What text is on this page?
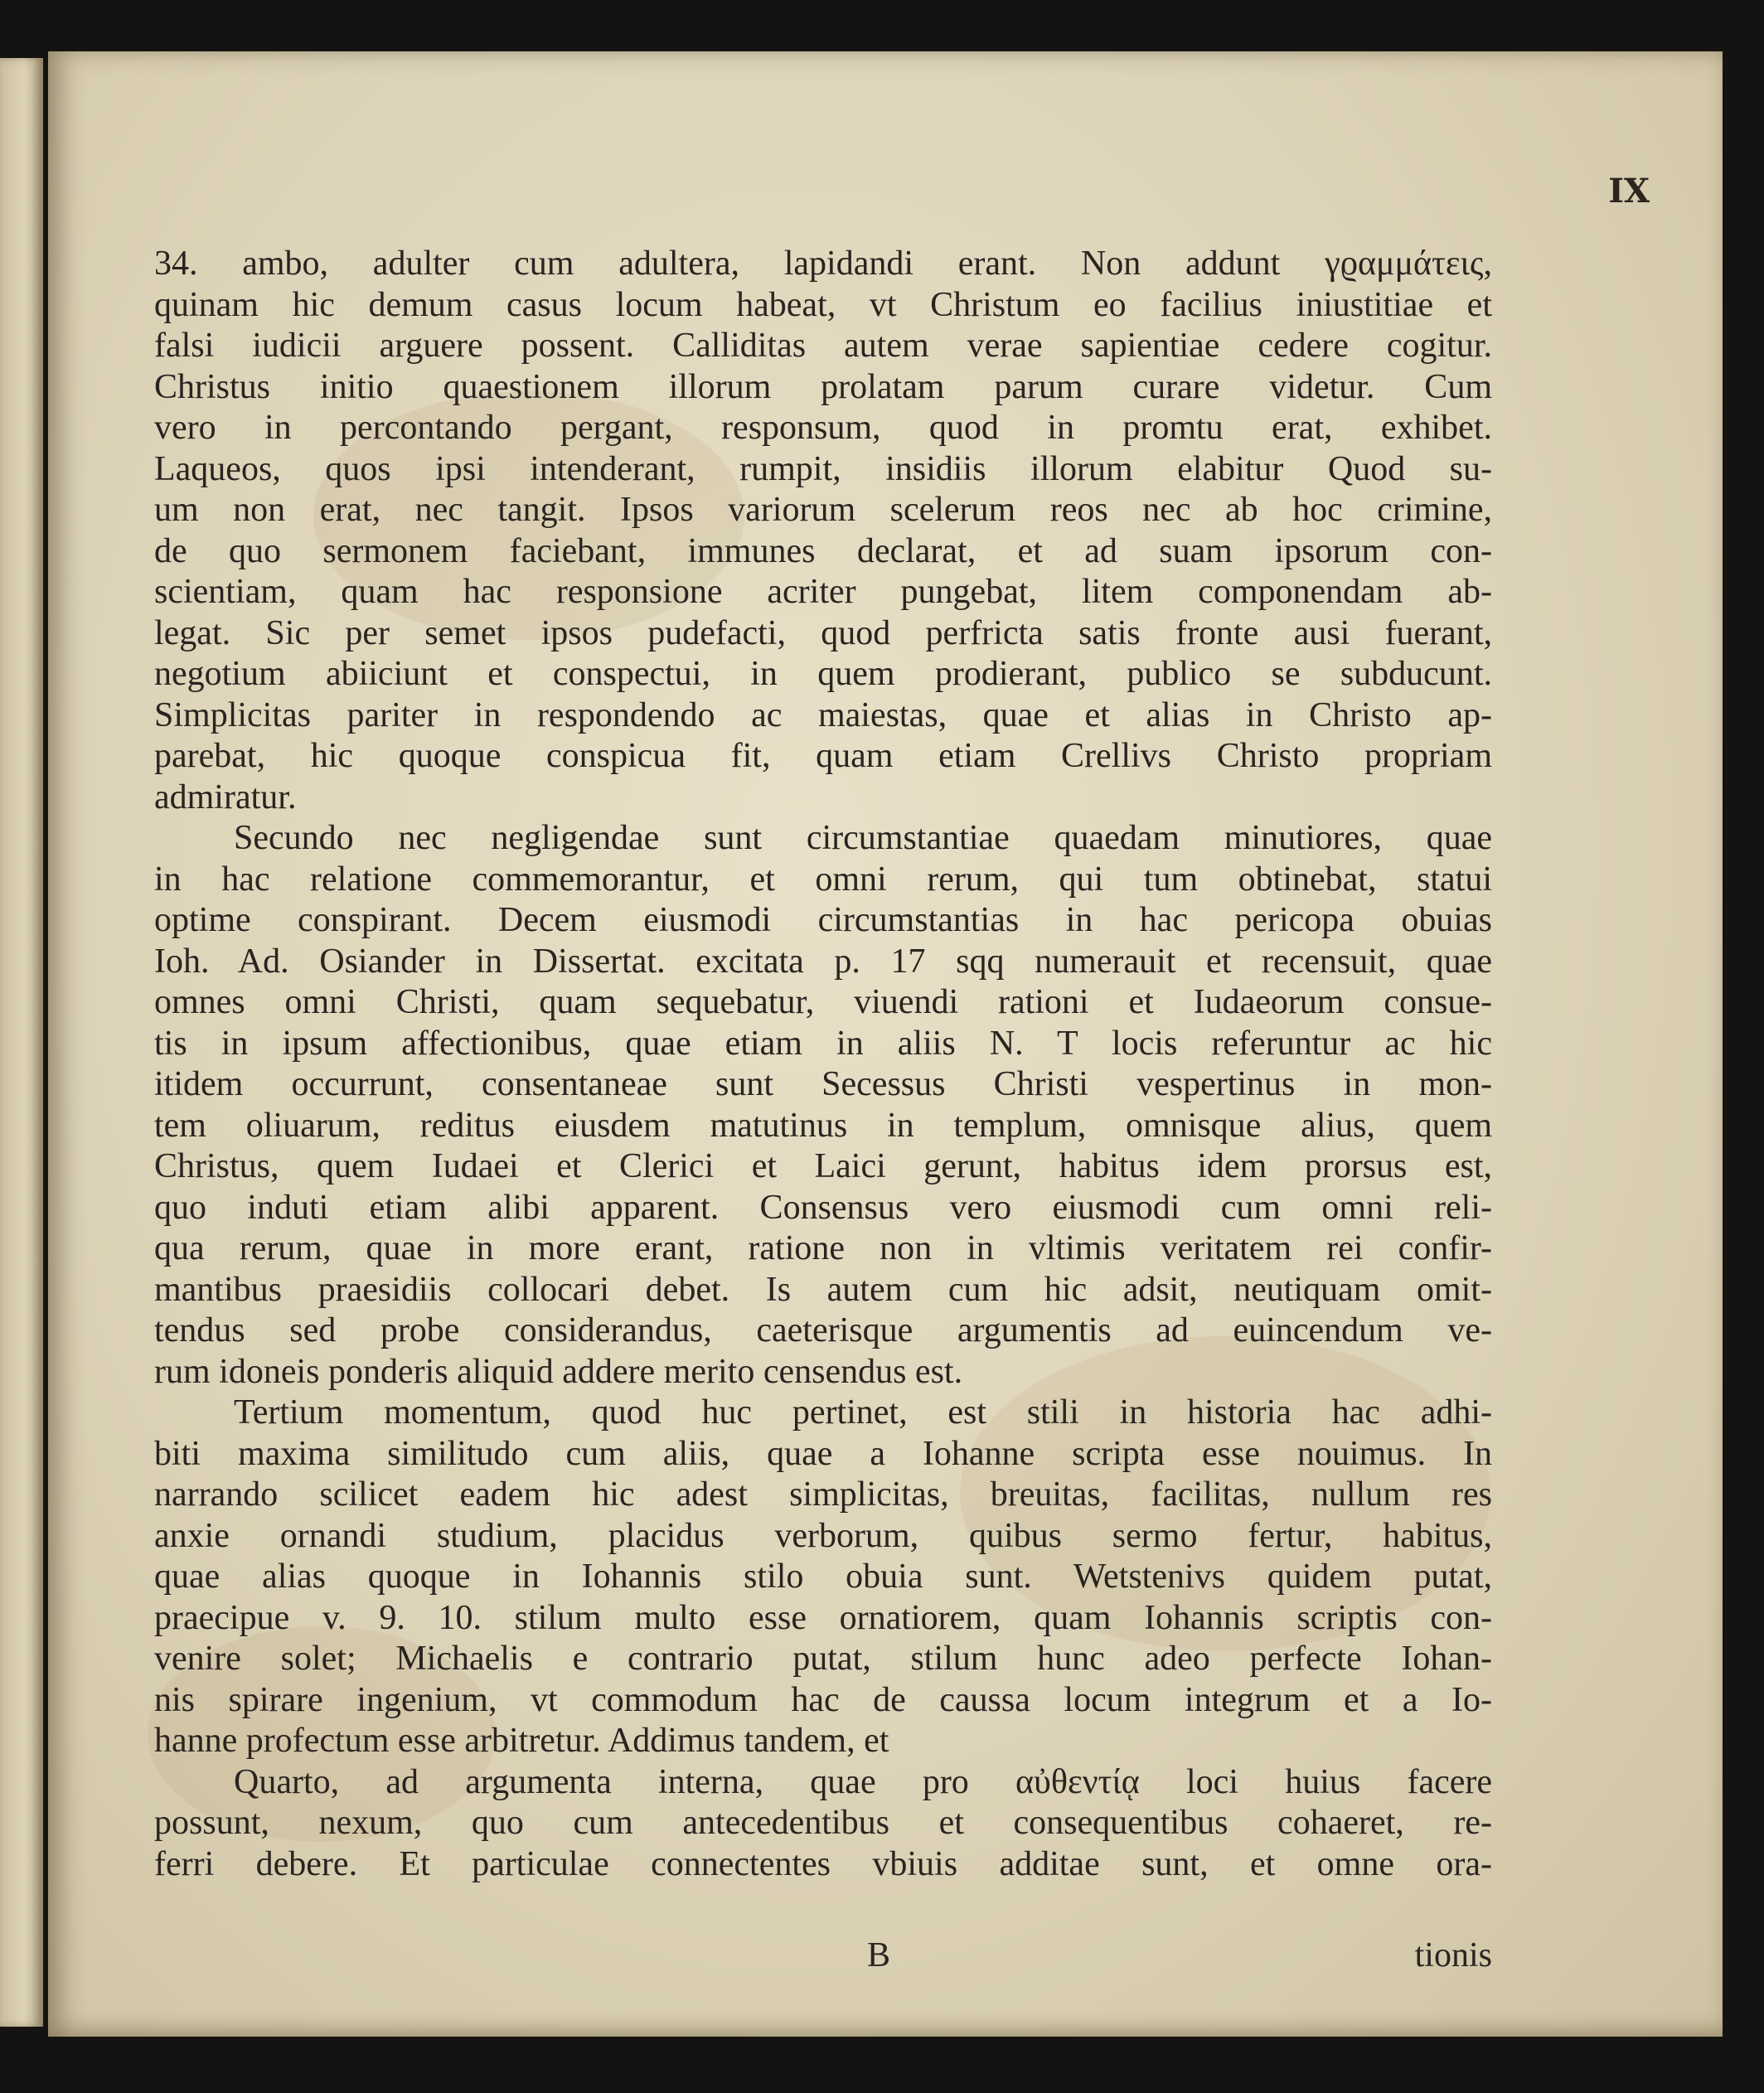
IX
34. ambo, adulter cum adultera, lapidandi erant. Non addunt γϱαμμάτεις,
quinam hic demum casus locum habeat, vt Christum eo facilius iniustitiae et
falsi iudicii arguere possent. Calliditas autem verae sapientiae cedere cogitur.
Christus initio quaestionem illorum prolatam parum curare videtur. Cum
vero in percontando pergant, responsum, quod in promtu erat, exhibet.
Laqueos, quos ipsi intenderant, rumpit, insidiis illorum elabitur Quod su-
um non erat, nec tangit. Ipsos variorum scelerum reos nec ab hoc crimine,
de quo sermonem faciebant, immunes declarat, et ad suam ipsorum con-
scientiam, quam hac responsione acriter pungebat, litem componendam ab-
legat. Sic per semet ipsos pudefacti, quod perfricta satis fronte ausi fuerant,
negotium abiiciunt et conspectui, in quem prodierant, publico se subducunt.
Simplicitas pariter in respondendo ac maiestas, quae et alias in Christo ap-
parebat, hic quoque conspicua fit, quam etiam Crellivs Christo propriam
admiratur.
Secundo nec negligendae sunt circumstantiae quaedam minutiores, quae
in hac relatione commemorantur, et omni rerum, qui tum obtinebat, statui
optime conspirant. Decem eiusmodi circumstantias in hac pericopa obuias
Ioh. Ad. Osiander in Dissertat. excitata p. 17 sqq numerauit et recensuit, quae
omnes omni Christi, quam sequebatur, viuendi rationi et Iudaeorum consue-
tis in ipsum affectionibus, quae etiam in aliis N. T locis referuntur ac hic
itidem occurrunt, consentaneae sunt Secessus Christi vespertinus in mon-
tem oliuarum, reditus eiusdem matutinus in templum, omnisque alius, quem
Christus, quem Iudaei et Clerici et Laici gerunt, habitus idem prorsus est,
quo induti etiam alibi apparent. Consensus vero eiusmodi cum omni reli-
qua rerum, quae in more erant, ratione non in vltimis veritatem rei confir-
mantibus praesidiis collocari debet. Is autem cum hic adsit, neutiquam omit-
tendus sed probe considerandus, caeterisque argumentis ad euincendum ve-
rum idoneis ponderis aliquid addere merito censendus est.
Tertium momentum, quod huc pertinet, est stili in historia hac adhi-
biti maxima similitudo cum aliis, quae a Iohanne scripta esse nouimus. In
narrando scilicet eadem hic adest simplicitas, breuitas, facilitas, nullum res
anxie ornandi studium, placidus verborum, quibus sermo fertur, habitus,
quae alias quoque in Iohannis stilo obuia sunt. Wetstenivs quidem putat,
praecipue v. 9. 10. stilum multo esse ornatiorem, quam Iohannis scriptis con-
venire solet; Michaelis e contrario putat, stilum hunc adeo perfecte Iohan-
nis spirare ingenium, vt commodum hac de caussa locum integrum et a Io-
hanne profectum esse arbitretur. Addimus tandem, et
Quarto, ad argumenta interna, quae pro αὐθεντίᾳ loci huius facere
possunt, nexum, quo cum antecedentibus et consequentibus cohaeret, re-
ferri debere. Et particulae connectentes vbiuis additae sunt, et omne ora-
B	tionis
